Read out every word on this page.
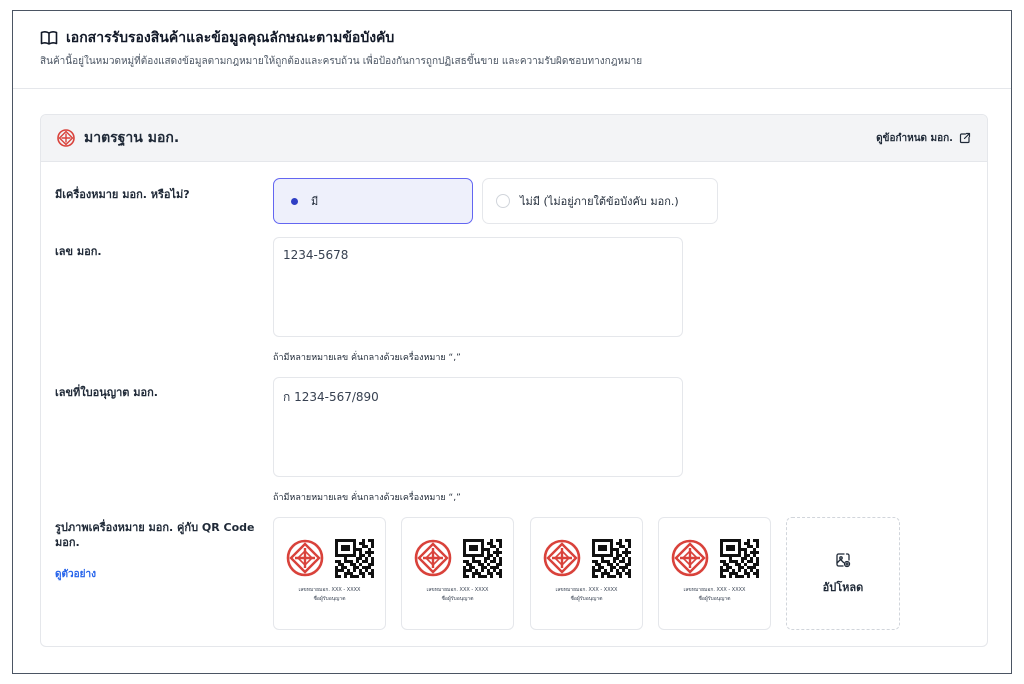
เอกสารรับรองสินค้าและข้อมูลคุณลักษณะตามข้อบังคับ
สินค้านี้อยู่ในหมวดหมู่ที่ต้องแสดงข้อมูลตามกฎหมายให้ถูกต้องและครบถ้วน เพื่อป้องกันการถูกปฏิเสธขึ้นขาย และความรับผิดชอบทางกฎหมาย
มาตรฐาน มอก.	ดูข้อกำหนด มอก.
มีเครื่องหมาย มอก. หรือไม่?
มี	ไม่มี (ไม่อยู่ภายใต้ข้อบังคับ มอก.)
เลข มอก.
1234-5678
ถ้ามีหลายหมายเลข คั่นกลางด้วยเครื่องหมาย “,”
เลขที่ใบอนุญาต มอก.
ก 1234-567/890
ถ้ามีหลายหมายเลข คั่นกลางด้วยเครื่องหมาย “,”
รูปภาพเครื่องหมาย มอก. คู่กับ QR Code มอก.
ดูตัวอย่าง
เลขหมายมอก. XXX - XXXX
ชื่อผู้รับอนุญาต
เลขหมายมอก. XXX - XXXX
ชื่อผู้รับอนุญาต
เลขหมายมอก. XXX - XXXX
ชื่อผู้รับอนุญาต
เลขหมายมอก. XXX - XXXX
ชื่อผู้รับอนุญาต
อัปโหลด
